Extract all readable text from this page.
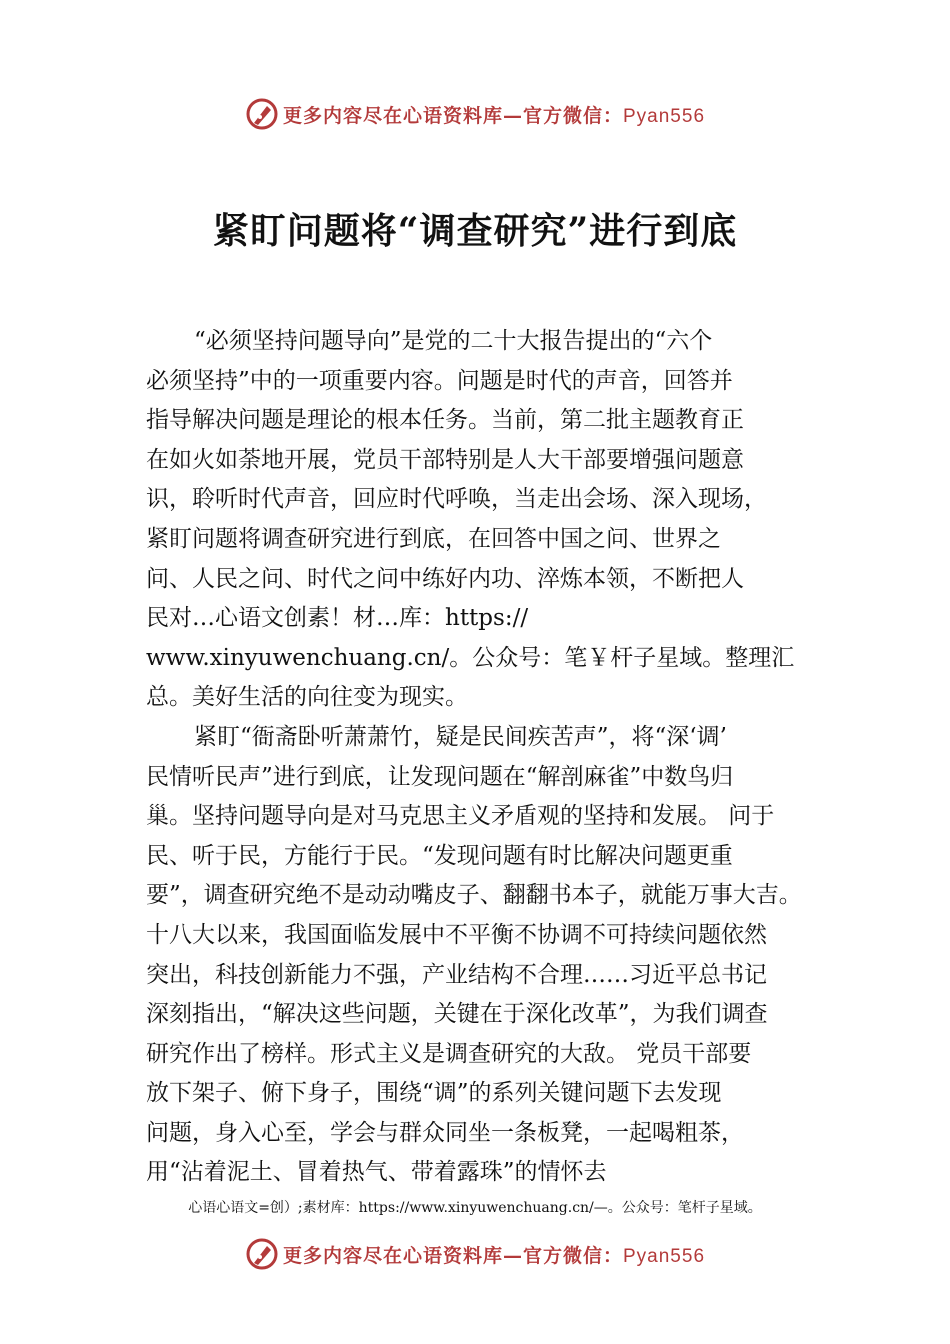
更多内容尽在心语资料库—官方微信：Pyan556
紧盯问题将“调查研究”进行到底
“必须坚持问题导向”是党的二十大报告提出的“六个
必须坚持”中的一项重要内容。问题是时代的声音，回答并
指导解决问题是理论的根本任务。当前，第二批主题教育正
在如火如荼地开展，党员干部特别是人大干部要增强问题意
识，聆听时代声音，回应时代呼唤，当走出会场、深入现场，
紧盯问题将调查研究进行到底，在回答中国之问、世界之
问、人民之问、时代之问中练好内功、淬炼本领，不断把人
民对…心语文创素！材…库：https://
www.xinyuwenchuang.cn/。公众号：笔￥杆子星域。整理汇
总。美好生活的向往变为现实。
紧盯“衙斋卧听萧萧竹，疑是民间疾苦声”，将“深‘调’
民情听民声”进行到底，让发现问题在“解剖麻雀”中数鸟归
巢。坚持问题导向是对马克思主义矛盾观的坚持和发展。 问于
民、听于民，方能行于民。“发现问题有时比解决问题更重
要”，调查研究绝不是动动嘴皮子、翻翻书本子，就能万事大吉。
十八大以来，我国面临发展中不平衡不协调不可持续问题依然
突出，科技创新能力不强，产业结构不合理……习近平总书记
深刻指出，“解决这些问题，关键在于深化改革”，为我们调查
研究作出了榜样。形式主义是调查研究的大敌。 党员干部要
放下架子、俯下身子，围绕“调”的系列关键问题下去发现
问题，身入心至，学会与群众同坐一条板凳，一起喝粗茶，
用“沾着泥土、冒着热气、带着露珠”的情怀去
心语心语文=创）;素材库：https://www.xinyuwenchuang.cn/—。公众号：笔杆子星域。
更多内容尽在心语资料库—官方微信：Pyan556
